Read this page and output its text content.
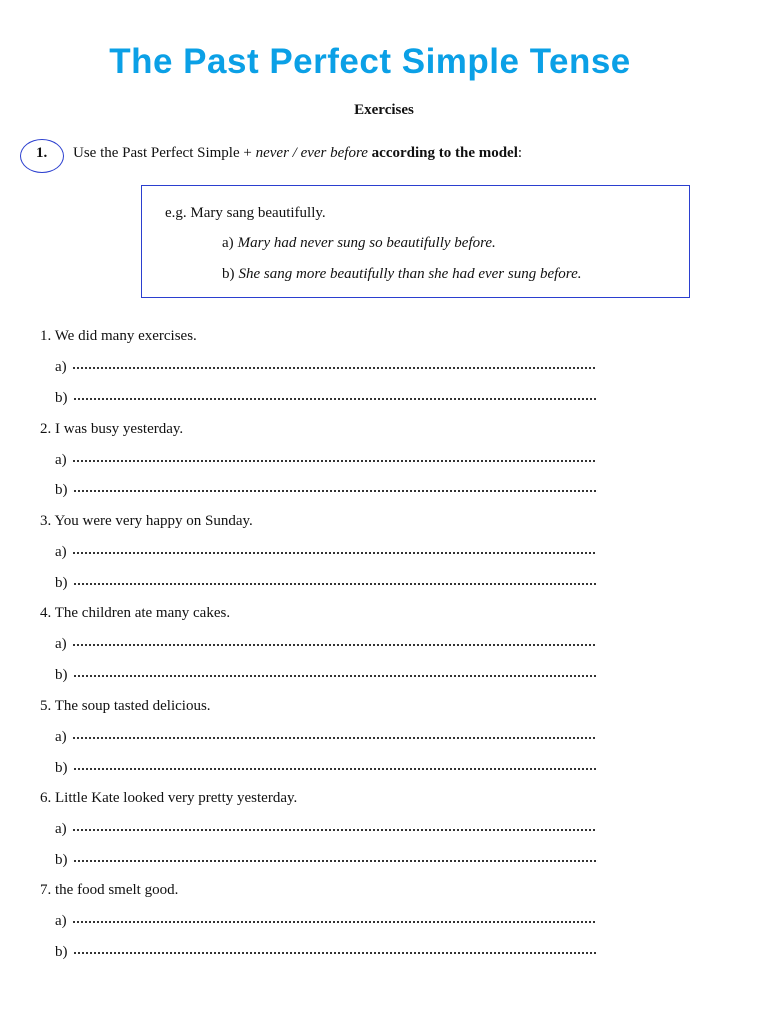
The Past Perfect Simple Tense
Exercises
1. Use the Past Perfect Simple + never / ever before according to the model:
e.g. Mary sang beautifully.
a) Mary had never sung so beautifully before.
b) She sang more beautifully than she had ever sung before.
1. We did many exercises.
a)
b)
2. I was busy yesterday.
a)
b)
3. You were very happy on Sunday.
a)
b)
4. The children ate many cakes.
a)
b)
5. The soup tasted delicious.
a)
b)
6. Little Kate looked very pretty yesterday.
a)
b)
7. the food smelt good.
a)
b)
